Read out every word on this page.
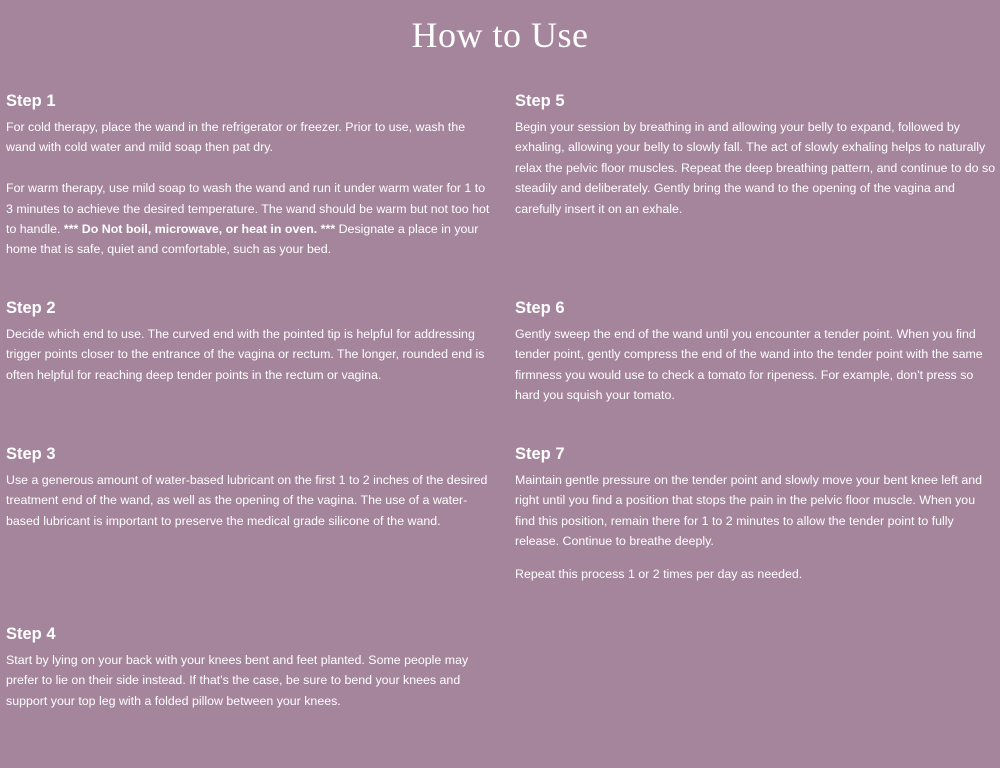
How to Use
Step 1

For cold therapy, place the wand in the refrigerator or freezer. Prior to use, wash the wand with cold water and mild soap then pat dry.

For warm therapy, use mild soap to wash the wand and run it under warm water for 1 to 3 minutes to achieve the desired temperature. The wand should be warm but not too hot to handle. *** Do Not boil, microwave, or heat in oven. *** Designate a place in your home that is safe, quiet and comfortable, such as your bed.

Step 2

Decide which end to use. The curved end with the pointed tip is helpful for addressing trigger points closer to the entrance of the vagina or rectum. The longer, rounded end is often helpful for reaching deep tender points in the rectum or vagina.

Step 3

Use a generous amount of water-based lubricant on the first 1 to 2 inches of the desired treatment end of the wand, as well as the opening of the vagina. The use of a water-based lubricant is important to preserve the medical grade silicone of the wand.

Step 4

Start by lying on your back with your knees bent and feet planted. Some people may prefer to lie on their side instead. If that's the case, be sure to bend your knees and support your top leg with a folded pillow between your knees.

Step 5

Begin your session by breathing in and allowing your belly to expand, followed by exhaling, allowing your belly to slowly fall. The act of slowly exhaling helps to naturally relax the pelvic floor muscles. Repeat the deep breathing pattern, and continue to do so steadily and deliberately. Gently bring the wand to the opening of the vagina and carefully insert it on an exhale.

Step 6

Gently sweep the end of the wand until you encounter a tender point. When you find tender point, gently compress the end of the wand into the tender point with the same firmness you would use to check a tomato for ripeness. For example, don't press so hard you squish your tomato.

Step 7

Maintain gentle pressure on the tender point and slowly move your bent knee left and right until you find a position that stops the pain in the pelvic floor muscle. When you find this position, remain there for 1 to 2 minutes to allow the tender point to fully release. Continue to breathe deeply.

Repeat this process 1 or 2 times per day as needed.
